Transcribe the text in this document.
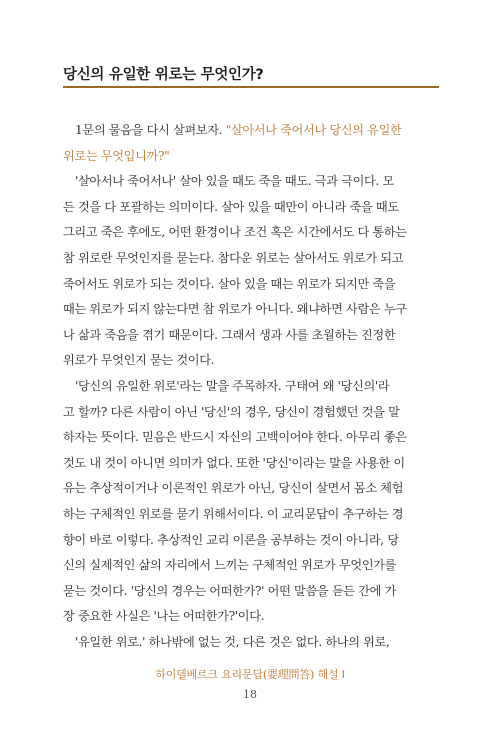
당신의 유일한 위로는 무엇인가?
1문의 물음을 다시 살펴보자. "살아서나 죽어서나 당신의 유일한
위로는 무엇입니까?"
'살아서나 죽어서나' 살아 있을 때도 죽을 때도. 극과 극이다. 모
든 것을 다 포괄하는 의미이다. 살아 있을 때만이 아니라 죽을 때도
그리고 죽은 후에도, 어떤 환경이나 조건 혹은 시간에서도 다 통하는
참 위로란 무엇인지를 묻는다. 참다운 위로는 살아서도 위로가 되고
죽어서도 위로가 되는 것이다. 살아 있을 때는 위로가 되지만 죽을
때는 위로가 되지 않는다면 참 위로가 아니다. 왜냐하면 사람은 누구
나 삶과 죽음을 겪기 때문이다. 그래서 생과 사를 초월하는 진정한
위로가 무엇인지 묻는 것이다.
'당신의 유일한 위로'라는 말을 주목하자. 구태여 왜 '당신의'라
고 할까? 다른 사람이 아닌 '당신'의 경우, 당신이 경험했던 것을 말
하자는 뜻이다. 믿음은 반드시 자신의 고백이어야 한다. 아무리 좋은
것도 내 것이 아니면 의미가 없다. 또한 '당신'이라는 말을 사용한 이
유는 추상적이거나 이론적인 위로가 아닌, 당신이 살면서 몸소 체험
하는 구체적인 위로를 묻기 위해서이다. 이 교리문답이 추구하는 경
향이 바로 이렇다. 추상적인 교리 이론을 공부하는 것이 아니라, 당
신의 실제적인 삶의 자리에서 느끼는 구체적인 위로가 무엇인가를
묻는 것이다. '당신의 경우는 어떠한가?' 어떤 말씀을 듣든 간에 가
장 중요한 사실은 '나는 어떠한가?'이다.
'유일한 위로.' 하나밖에 없는 것, 다른 것은 없다. 하나의 위로,
하이델베르크 요리문답(要理問答) 해설 Ⅰ
18
